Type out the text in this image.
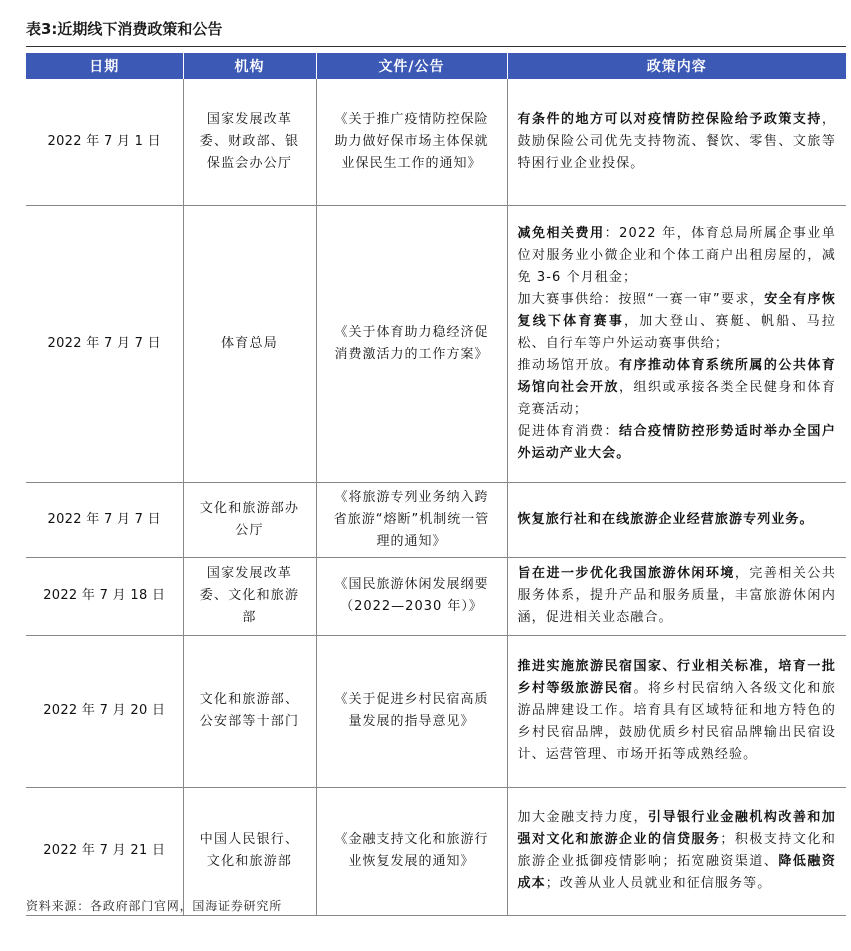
表3:近期线下消费政策和公告
日期	机构	文件/公告	政策内容
2022 年 7 月 1 日	国家发展改革委、财政部、银保监会办公厅	《关于推广疫情防控保险 助力做好保市场主体保就业保民生工作的通知》	有条件的地方可以对疫情防控保险给予政策支持，鼓励保险公司优先支持物流、餐饮、零售、文旅等特困行业企业投保。

2022 年 7 月 7 日	体育总局	《关于体育助力稳经济促消费激活力的工作方案》	减免相关费用：2022 年，体育总局所属企事业单位对服务业小微企业和个体工商户出租房屋的，减免 3-6 个月租金；
加大赛事供给：按照“一赛一审”要求，安全有序恢复线下体育赛事，加大登山、赛艇、帆船、马拉松、自行车等户外运动赛事供给；
推动场馆开放。有序推动体育系统所属的公共体育场馆向社会开放，组织或承接各类全民健身和体育竞赛活动；
促进体育消费：结合疫情防控形势适时举办全国户外运动产业大会。

2022 年 7 月 7 日	文化和旅游部办公厅	《将旅游专列业务纳入跨省旅游“熔断”机制统一管理的通知》	恢复旅行社和在线旅游企业经营旅游专列业务。

2022 年 7 月 18 日	国家发展改革委、文化和旅游部	《国民旅游休闲发展纲要（2022—2030 年）》	旨在进一步优化我国旅游休闲环境，完善相关公共服务体系，提升产品和服务质量，丰富旅游休闲内涵，促进相关业态融合。

2022 年 7 月 20 日	文化和旅游部、公安部等十部门	《关于促进乡村民宿高质量发展的指导意见》	推进实施旅游民宿国家、行业相关标准，培育一批乡村等级旅游民宿。将乡村民宿纳入各级文化和旅游品牌建设工作。培育具有区域特征和地方特色的乡村民宿品牌，鼓励优质乡村民宿品牌输出民宿设计、运营管理、市场开拓等成熟经验。

2022 年 7 月 21 日	中国人民银行、文化和旅游部	《金融支持文化和旅游行业恢复发展的通知》	加大金融支持力度，引导银行业金融机构改善和加强对文化和旅游企业的信贷服务；积极支持文化和旅游企业抵御疫情影响；拓宽融资渠道、降低融资成本；改善从业人员就业和征信服务等。
资料来源：各政府部门官网，国海证券研究所
